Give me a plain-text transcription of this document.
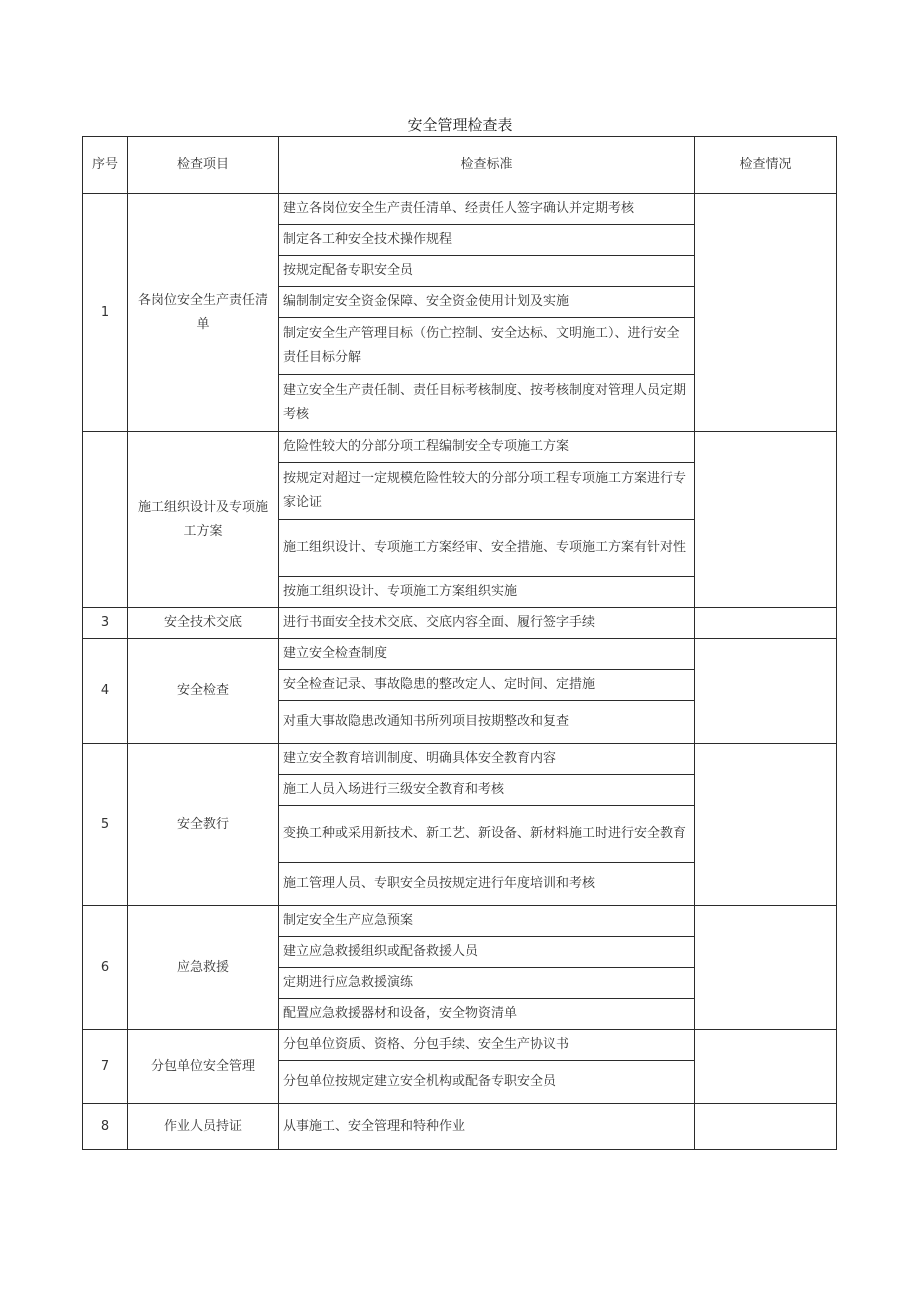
安全管理检查表
序号	检查项目	检查标准	检查情况
1	各岗位安全生产责任清单	建立各岗位安全生产责任清单、经责任人签字确认并定期考核	
		制定各工种安全技术操作规程	
		按规定配备专职安全员	
		编制制定安全资金保障、安全资金使用计划及实施	
		制定安全生产管理目标（伤亡控制、安全达标、文明施工）、进行安全责任目标分解	
		建立安全生产责任制、责任目标考核制度、按考核制度对管理人员定期考核	
	施工组织设计及专项施工方案	危险性较大的分部分项工程编制安全专项施工方案	
		按规定对超过一定规模危险性较大的分部分项工程专项施工方案进行专家论证	
		施工组织设计、专项施工方案经审、安全措施、专项施工方案有针对性	
		按施工组织设计、专项施工方案组织实施	
3	安全技术交底	进行书面安全技术交底、交底内容全面、履行签字手续	
4	安全检查	建立安全检查制度	
		安全检查记录、事故隐患的整改定人、定时间、定措施	
		对重大事故隐患改通知书所列项目按期整改和复查	
5	安全教行	建立安全教育培训制度、明确具体安全教育内容	
		施工人员入场进行三级安全教育和考核	
		变换工种或采用新技术、新工艺、新设备、新材料施工时进行安全教育	
		施工管理人员、专职安全员按规定进行年度培训和考核	
6	应急救援	制定安全生产应急预案	
		建立应急救援组织或配备救援人员	
		定期进行应急救援演练	
		配置应急救援器材和设备，安全物资清单	
7	分包单位安全管理	分包单位资质、资格、分包手续、安全生产协议书	
		分包单位按规定建立安全机构或配备专职安全员	
8	作业人员持证	从事施工、安全管理和特种作业	
